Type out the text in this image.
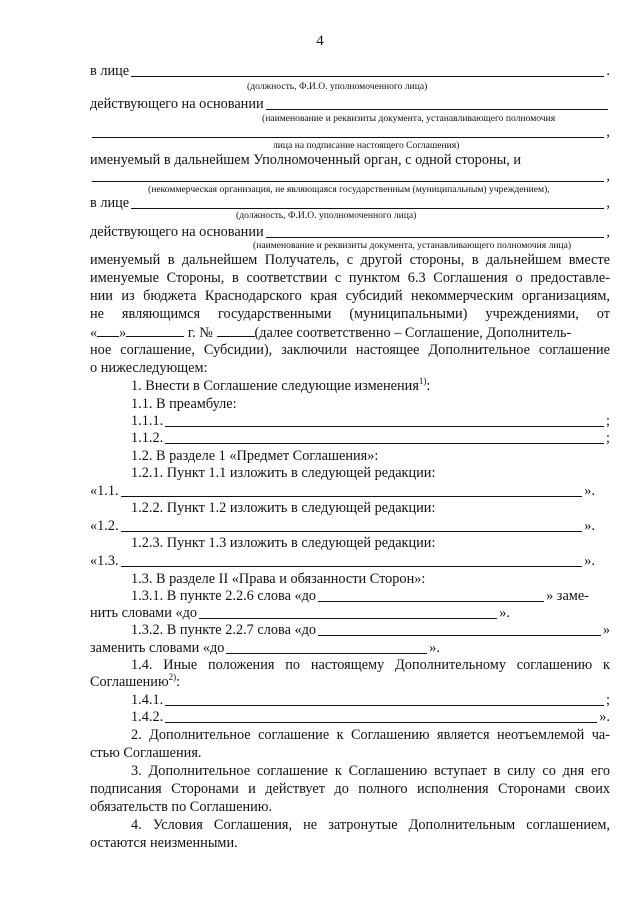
4
в лице	.
(должность, Ф.И.О. уполномоченного лица)
действующего на основании
(наименование и реквизиты документа, устанавливающего полномочия
,
лица на подписание настоящего Соглашения)
именуемый в дальнейшем Уполномоченный орган, с одной стороны, и
,
(некоммерческая организация, не являющаяся государственным (муниципальным) учреждением),
в лице	,
(должность, Ф.И.О. уполномоченного лица)
действующего на основании	,
(наименование и реквизиты документа, устанавливающего полномочия лица)
именуемый в дальнейшем Получатель, с другой стороны, в дальнейшем вместе
именуемые Стороны, в соответствии с пунктом 6.3 Соглашения о предоставле-
нии из бюджета Краснодарского края субсидий некоммерческим организациям,
не являющимся государственными (муниципальными) учреждениями, от
« »	г. №	(далее соответственно – Соглашение, Дополнитель-
ное соглашение, Субсидии), заключили настоящее Дополнительное соглашение
о нижеследующем:
1. Внести в Соглашение следующие изменения$^{1)}$:
1.1. В преамбуле:
1.1.1.	;
1.1.2.	;
1.2. В разделе 1 «Предмет Соглашения»:
1.2.1. Пункт 1.1 изложить в следующей редакции:
«1.1.	».
1.2.2. Пункт 1.2 изложить в следующей редакции:
«1.2.	».
1.2.3. Пункт 1.3 изложить в следующей редакции:
«1.3.	».
1.3. В разделе II «Права и обязанности Сторон»:
1.3.1. В пункте 2.2.6 слова «до	» заме-
нить словами «до	».
1.3.2. В пункте 2.2.7 слова «до	»
заменить словами «до	».
1.4. Иные положения по настоящему Дополнительному соглашению к
Соглашению$^{2)}$:
1.4.1.	;
1.4.2.	».
2. Дополнительное соглашение к Соглашению является неотъемлемой ча-
стью Соглашения.
3. Дополнительное соглашение к Соглашению вступает в силу со дня его
подписания Сторонами и действует до полного исполнения Сторонами своих
обязательств по Соглашению.
4. Условия Соглашения, не затронутые Дополнительным соглашением,
остаются неизменными.
